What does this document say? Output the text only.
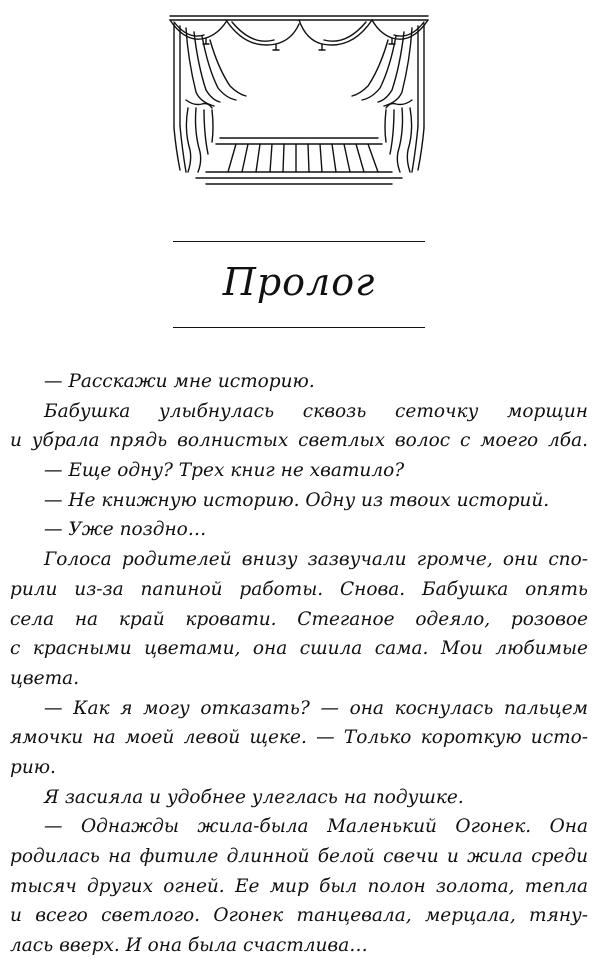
Пролог
— Расскажи мне историю.
Бабушка улыбнулась сквозь сеточку морщин
и убрала прядь волнистых светлых волос с моего лба.
— Еще одну? Трех книг не хватило?
— Не книжную историю. Одну из твоих историй.
— Уже поздно…
Голоса родителей внизу зазвучали громче, они спо-
рили из-за папиной работы. Снова. Бабушка опять
села на край кровати. Стеганое одеяло, розовое
с красными цветами, она сшила сама. Мои любимые
цвета.
— Как я могу отказать? — она коснулась пальцем
ямочки на моей левой щеке. — Только короткую исто-
рию.
Я засияла и удобнее улеглась на подушке.
— Однажды жила-была Маленький Огонек. Она
родилась на фитиле длинной белой свечи и жила среди
тысяч других огней. Ее мир был полон золота, тепла
и всего светлого. Огонек танцевала, мерцала, тяну-
лась вверх. И она была счастлива…
